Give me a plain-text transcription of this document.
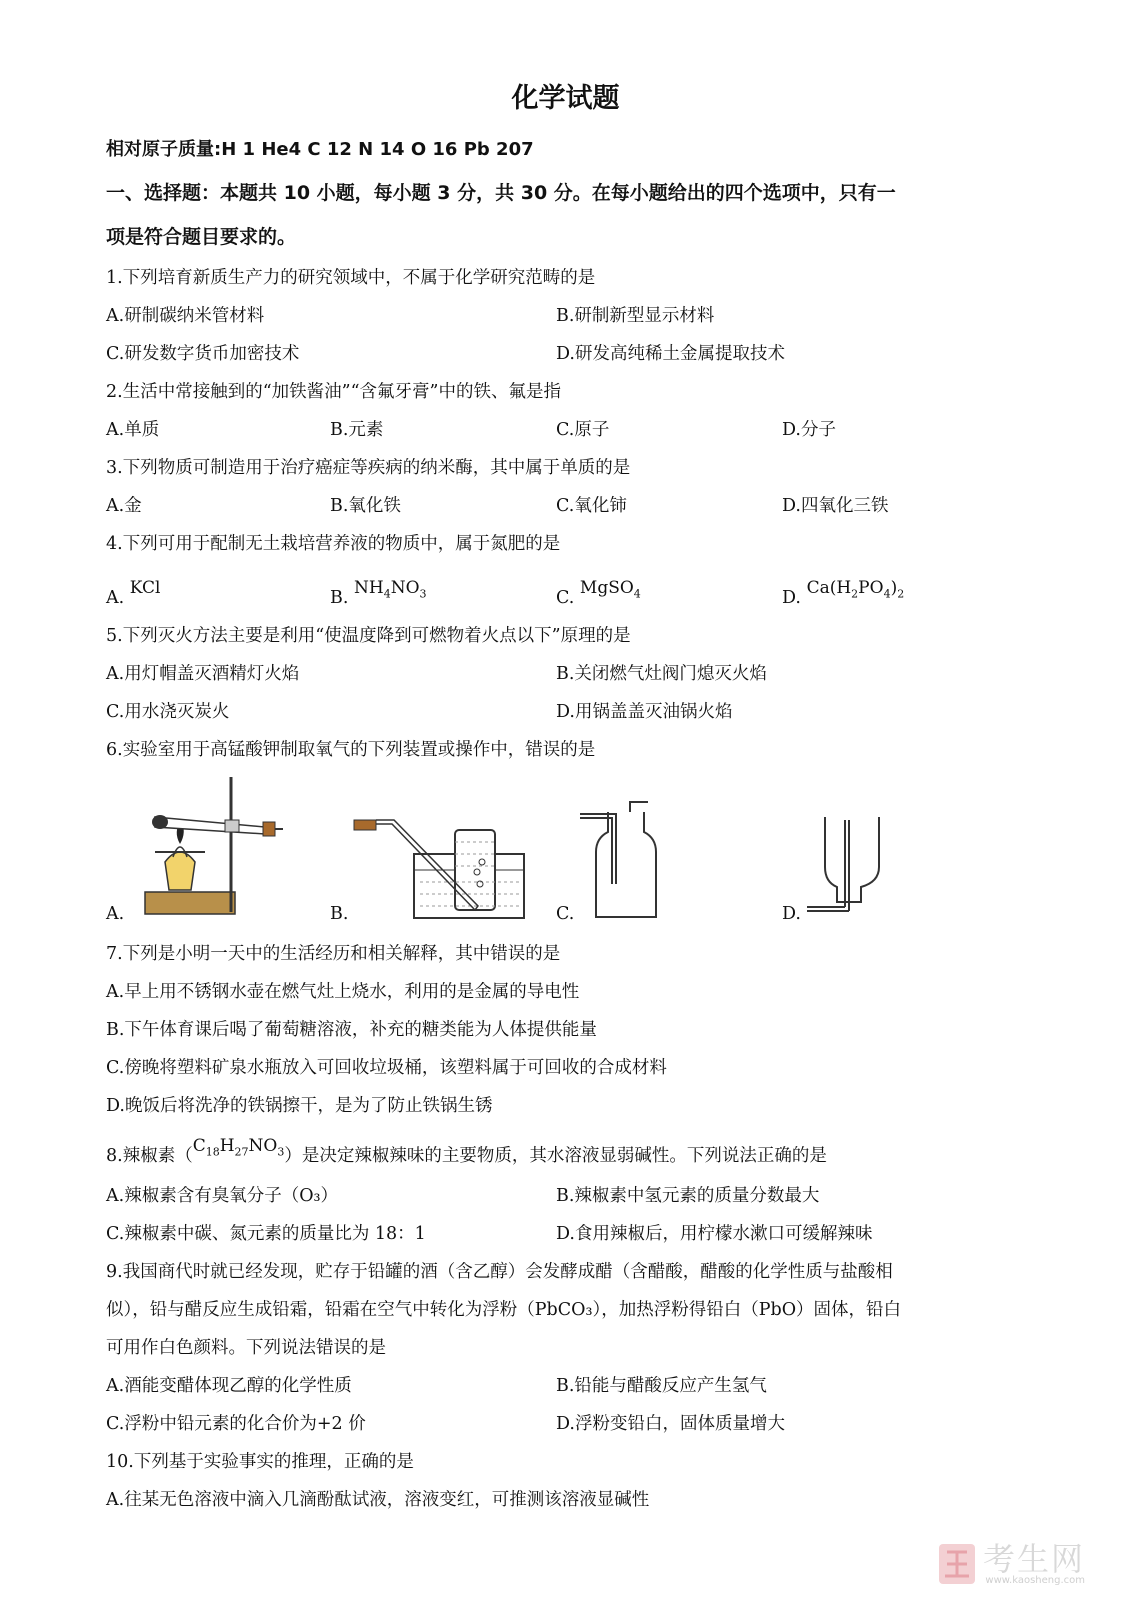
化学试题
相对原子质量:H 1 He4 C 12 N 14 O 16 Pb 207
一、选择题：本题共 10 小题，每小题 3 分，共 30 分。在每小题给出的四个选项中，只有一
项是符合题目要求的。
1.下列培育新质生产力的研究领域中，不属于化学研究范畴的是
A.研制碳纳米管材料	B.研制新型显示材料
C.研发数字货币加密技术	D.研发高纯稀土金属提取技术
2.生活中常接触到的“加铁酱油”“含氟牙膏”中的铁、氟是指
A.单质	B.元素	C.原子	D.分子
3.下列物质可制造用于治疗癌症等疾病的纳米酶，其中属于单质的是
A.金	B.氧化铁	C.氧化铈	D.四氧化三铁
4.下列可用于配制无土栽培营养液的物质中，属于氮肥的是
A. KCl	B. $NH_4NO_3$	C. MgSO$_4$	D. $Ca(H_2PO_4)_2$
5.下列灭火方法主要是利用“使温度降到可燃物着火点以下”原理的是
A.用灯帽盖灭酒精灯火焰	B.关闭燃气灶阀门熄灭火焰
C.用水浇灭炭火	D.用锅盖盖灭油锅火焰
6.实验室用于高锰酸钾制取氧气的下列装置或操作中，错误的是
A.	B.	C.	D.
7.下列是小明一天中的生活经历和相关解释，其中错误的是
A.早上用不锈钢水壶在燃气灶上烧水，利用的是金属的导电性
B.下午体育课后喝了葡萄糖溶液，补充的糖类能为人体提供能量
C.傍晚将塑料矿泉水瓶放入可回收垃圾桶，该塑料属于可回收的合成材料
D.晚饭后将洗净的铁锅擦干，是为了防止铁锅生锈
8.辣椒素$(C_{18}H_{27}NO_3)$是决定辣椒辣味的主要物质，其水溶液显弱碱性。下列说法正确的是
A.辣椒素含有臭氧分子（O₃）	B.辣椒素中氢元素的质量分数最大
C.辣椒素中碳、氮元素的质量比为 18：1	D.食用辣椒后，用柠檬水漱口可缓解辣味
9.我国商代时就已经发现，贮存于铅罐的酒（含乙醇）会发酵成醋（含醋酸，醋酸的化学性质与盐酸相
似），铅与醋反应生成铅霜，铅霜在空气中转化为浮粉（PbCO₃），加热浮粉得铅白（PbO）固体，铅白
可用作白色颜料。下列说法错误的是
A.酒能变醋体现乙醇的化学性质	B.铅能与醋酸反应产生氢气
C.浮粉中铅元素的化合价为+2 价	D.浮粉变铅白，固体质量增大
10.下列基于实验事实的推理，正确的是
A.往某无色溶液中滴入几滴酚酞试液，溶液变红，可推测该溶液显碱性
考生网
www.kaosheng.com
